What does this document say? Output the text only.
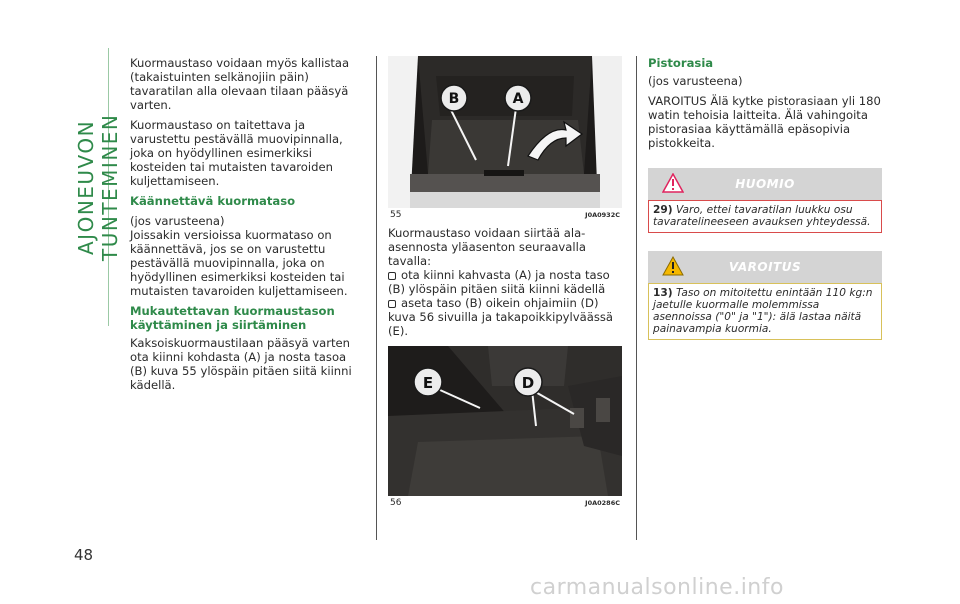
AJONEUVON TUNTEMINEN
48

Kuormaustaso voidaan myös kallistaa (takaistuinten selkänojiin päin) tavaratilan alla olevaan tilaan pääsyä varten.

Kuormaustaso on taitettava ja varustettu pestävällä muovipinnalla, joka on hyödyllinen esimerkiksi kosteiden tai mutaisten tavaroiden kuljettamiseen.

Käännettävä kuormataso

(jos varusteena)

Joissakin versioissa kuormataso on käännettävä, jos se on varustettu pestävällä muovipinnalla, joka on hyödyllinen esimerkiksi kosteiden tai mutaisten tavaroiden kuljettamiseen.

Mukautettavan kuormaustason käyttäminen ja siirtäminen

Kaksoiskuormaustilaan pääsyä varten ota kiinni kohdasta (A) ja nosta tasoa (B) kuva 55 ylöspäin pitäen siitä kiinni kädellä.

B	A
55	J0A0932C

Kuormaustaso voidaan siirtää ala-asennosta yläasenton seuraavalla tavalla:

ota kiinni kahvasta (A) ja nosta taso (B) ylöspäin pitäen siitä kiinni kädellä

aseta taso (B) oikein ohjaimiin (D) kuva 56 sivuilla ja takapoikkipylväässä (E).

E	D
56	J0A0286C

Pistorasia

(jos varusteena)

VAROITUS Älä kytke pistorasiaan yli 180 watin tehoisia laitteita. Älä vahingoita pistorasiaa käyttämällä epäsopivia pistokkeita.

HUOMIO
29) Varo, ettei tavaratilan luukku osu tavaratelineeseen avauksen yhteydessä.
VAROITUS
13) Taso on mitoitettu enintään 110 kg:n jaetulle kuormalle molemmissa asennoissa ("0" ja "1"): älä lastaa näitä painavampia kuormia.
carmanualsonline.info
